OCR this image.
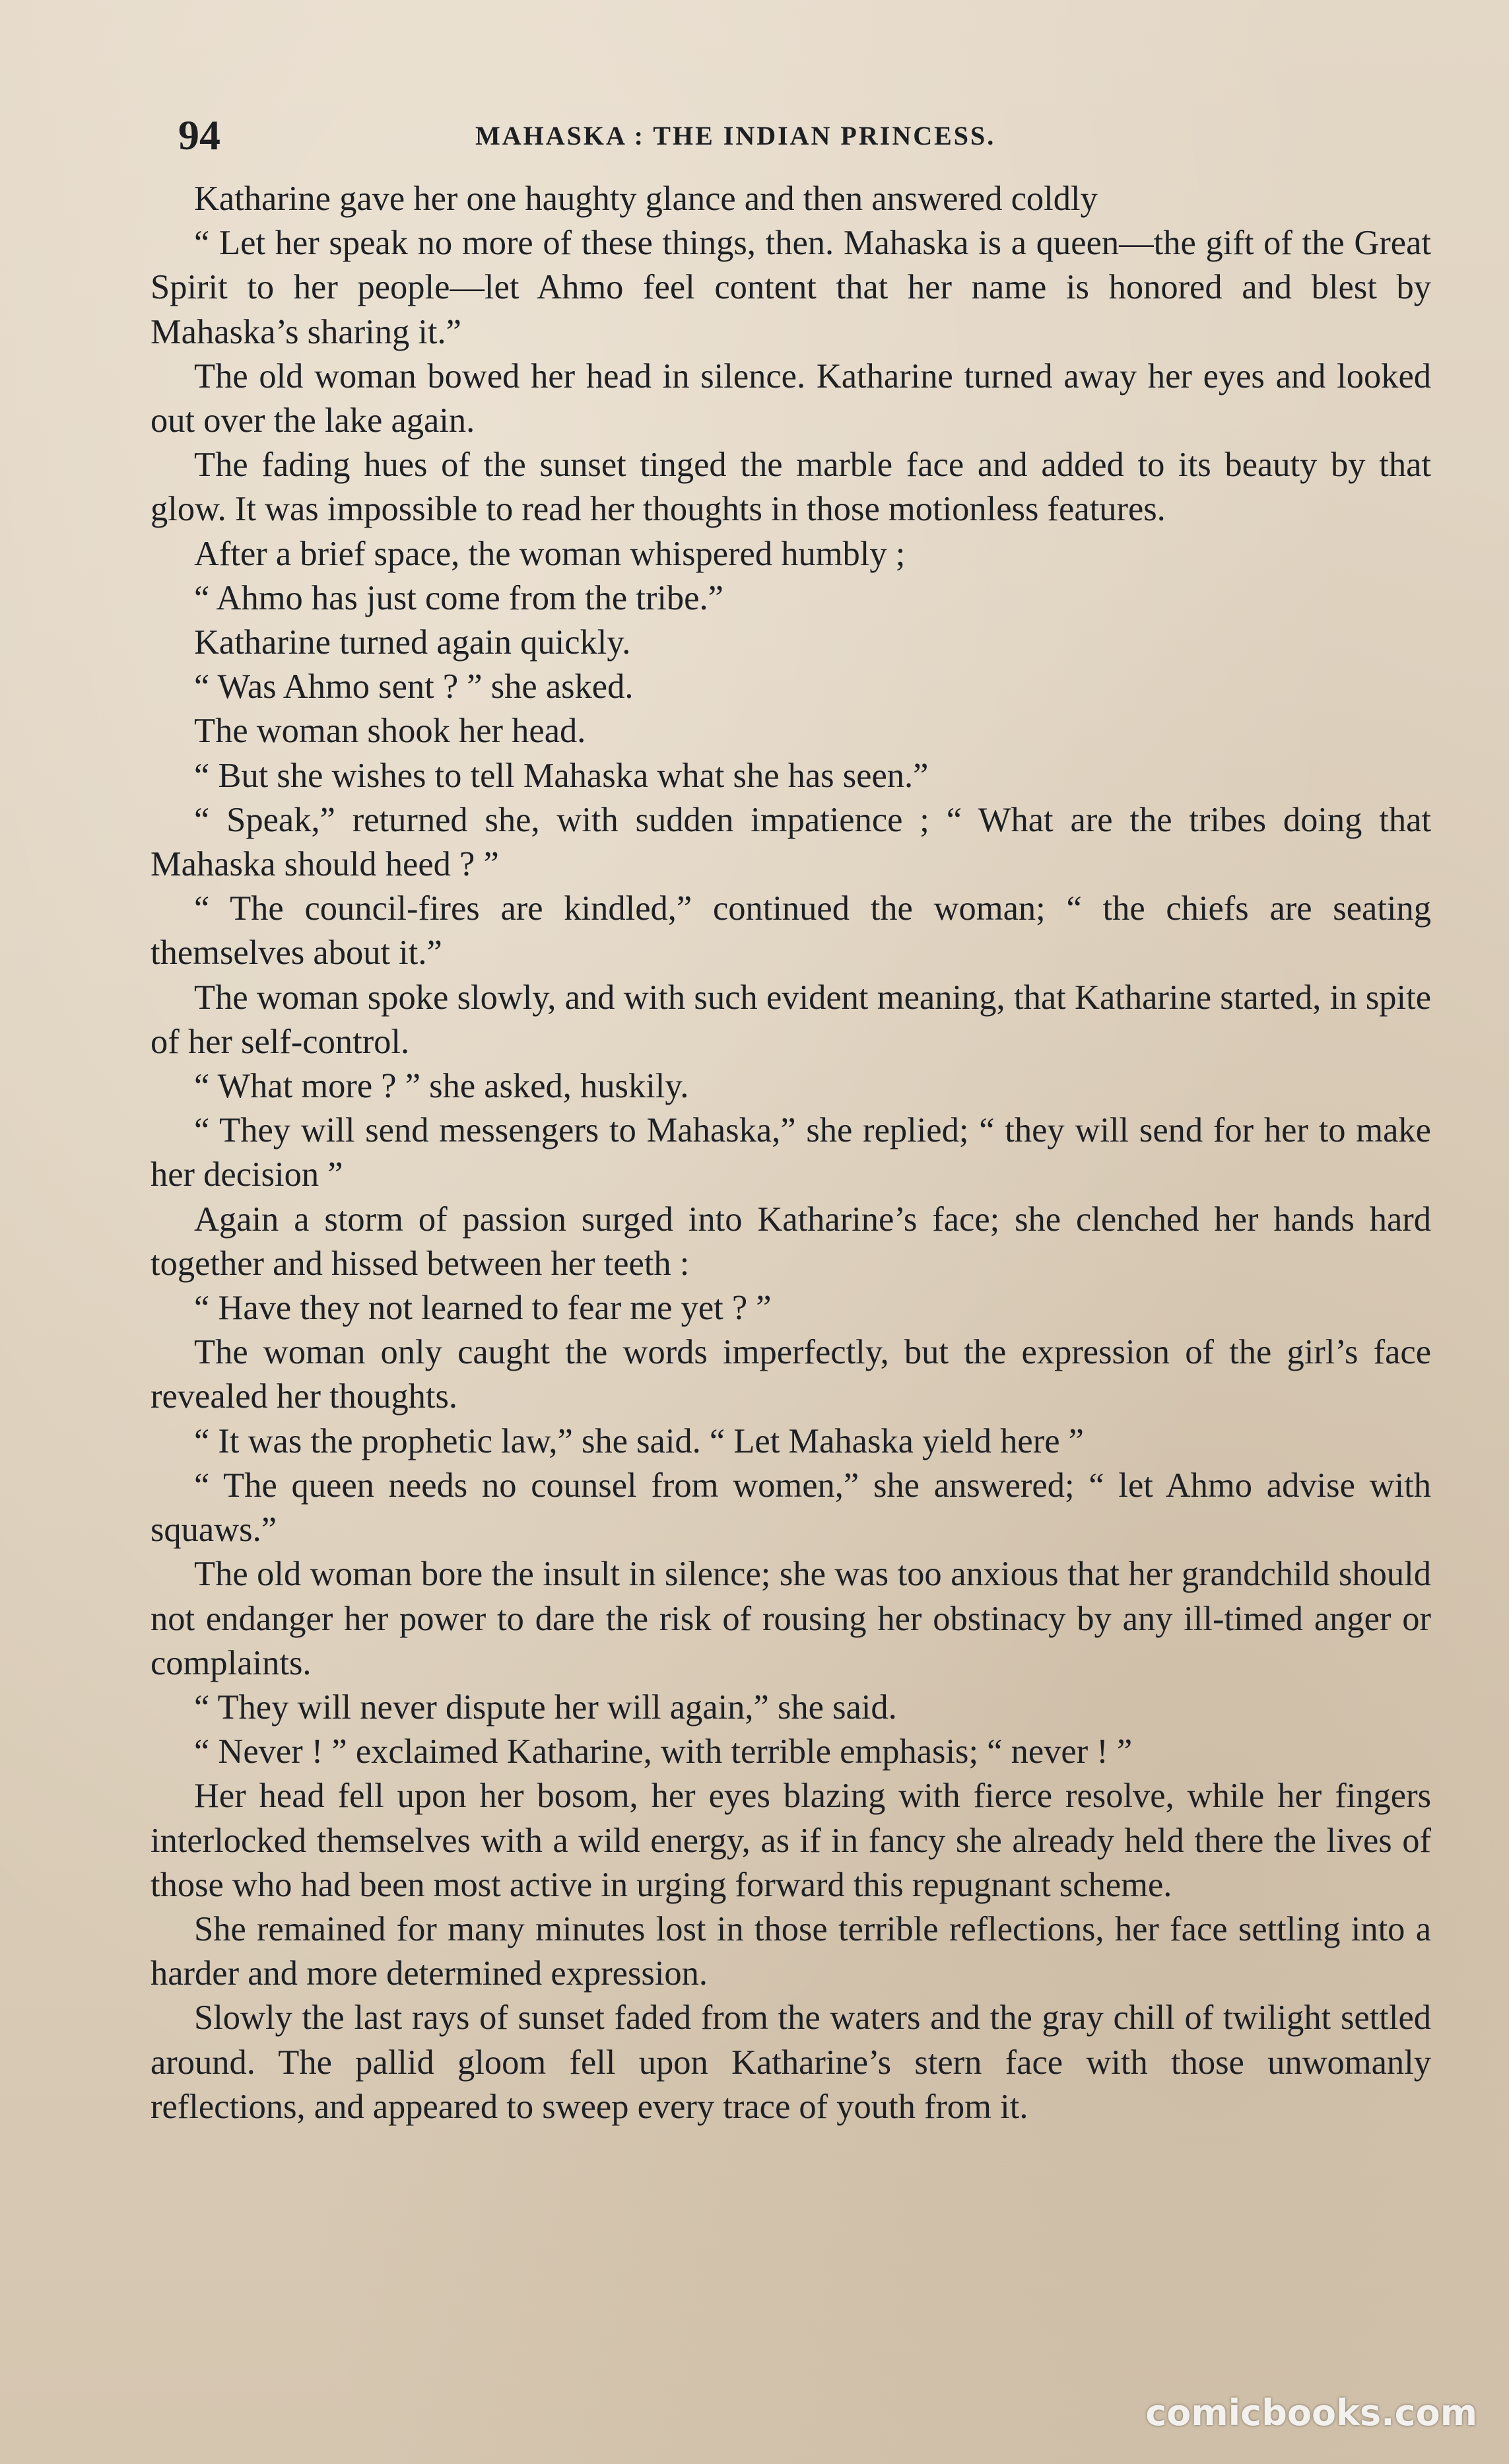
94	MAHASKA : THE INDIAN PRINCESS.

Katharine gave her one haughty glance and then answered coldly

“ Let her speak no more of these things, then. Mahaska is a queen—the gift of the Great Spirit to her people—let Ahmo feel content that her name is honored and blest by Mahaska’s sharing it.”

The old woman bowed her head in silence. Katharine turned away her eyes and looked out over the lake again.

The fading hues of the sunset tinged the marble face and added to its beauty by that glow. It was impossible to read her thoughts in those motionless features.

After a brief space, the woman whispered humbly ;

“ Ahmo has just come from the tribe.”

Katharine turned again quickly.

“ Was Ahmo sent ? ” she asked.

The woman shook her head.

“ But she wishes to tell Mahaska what she has seen.”

“ Speak,” returned she, with sudden impatience ; “ What are the tribes doing that Mahaska should heed ? ”

“ The council-fires are kindled,” continued the woman; “ the chiefs are seating themselves about it.”

The woman spoke slowly, and with such evident meaning, that Katharine started, in spite of her self-control.

“ What more ? ” she asked, huskily.

“ They will send messengers to Mahaska,” she replied; “ they will send for her to make her decision ”

Again a storm of passion surged into Katharine’s face; she clenched her hands hard together and hissed between her teeth :

“ Have they not learned to fear me yet ? ”

The woman only caught the words imperfectly, but the expression of the girl’s face revealed her thoughts.

“ It was the prophetic law,” she said. “ Let Mahaska yield here ”

“ The queen needs no counsel from women,” she answered; “ let Ahmo advise with squaws.”

The old woman bore the insult in silence; she was too anxious that her grandchild should not endanger her power to dare the risk of rousing her obstinacy by any ill-timed anger or complaints.

“ They will never dispute her will again,” she said.

“ Never ! ” exclaimed Katharine, with terrible emphasis; “ never ! ”

Her head fell upon her bosom, her eyes blazing with fierce resolve, while her fingers interlocked themselves with a wild energy, as if in fancy she already held there the lives of those who had been most active in urging forward this repugnant scheme.

She remained for many minutes lost in those terrible reflections, her face settling into a harder and more determined expression.

Slowly the last rays of sunset faded from the waters and the gray chill of twilight settled around. The pallid gloom fell upon Katharine’s stern face with those unwomanly reflections, and appeared to sweep every trace of youth from it.

comicbooks.com
